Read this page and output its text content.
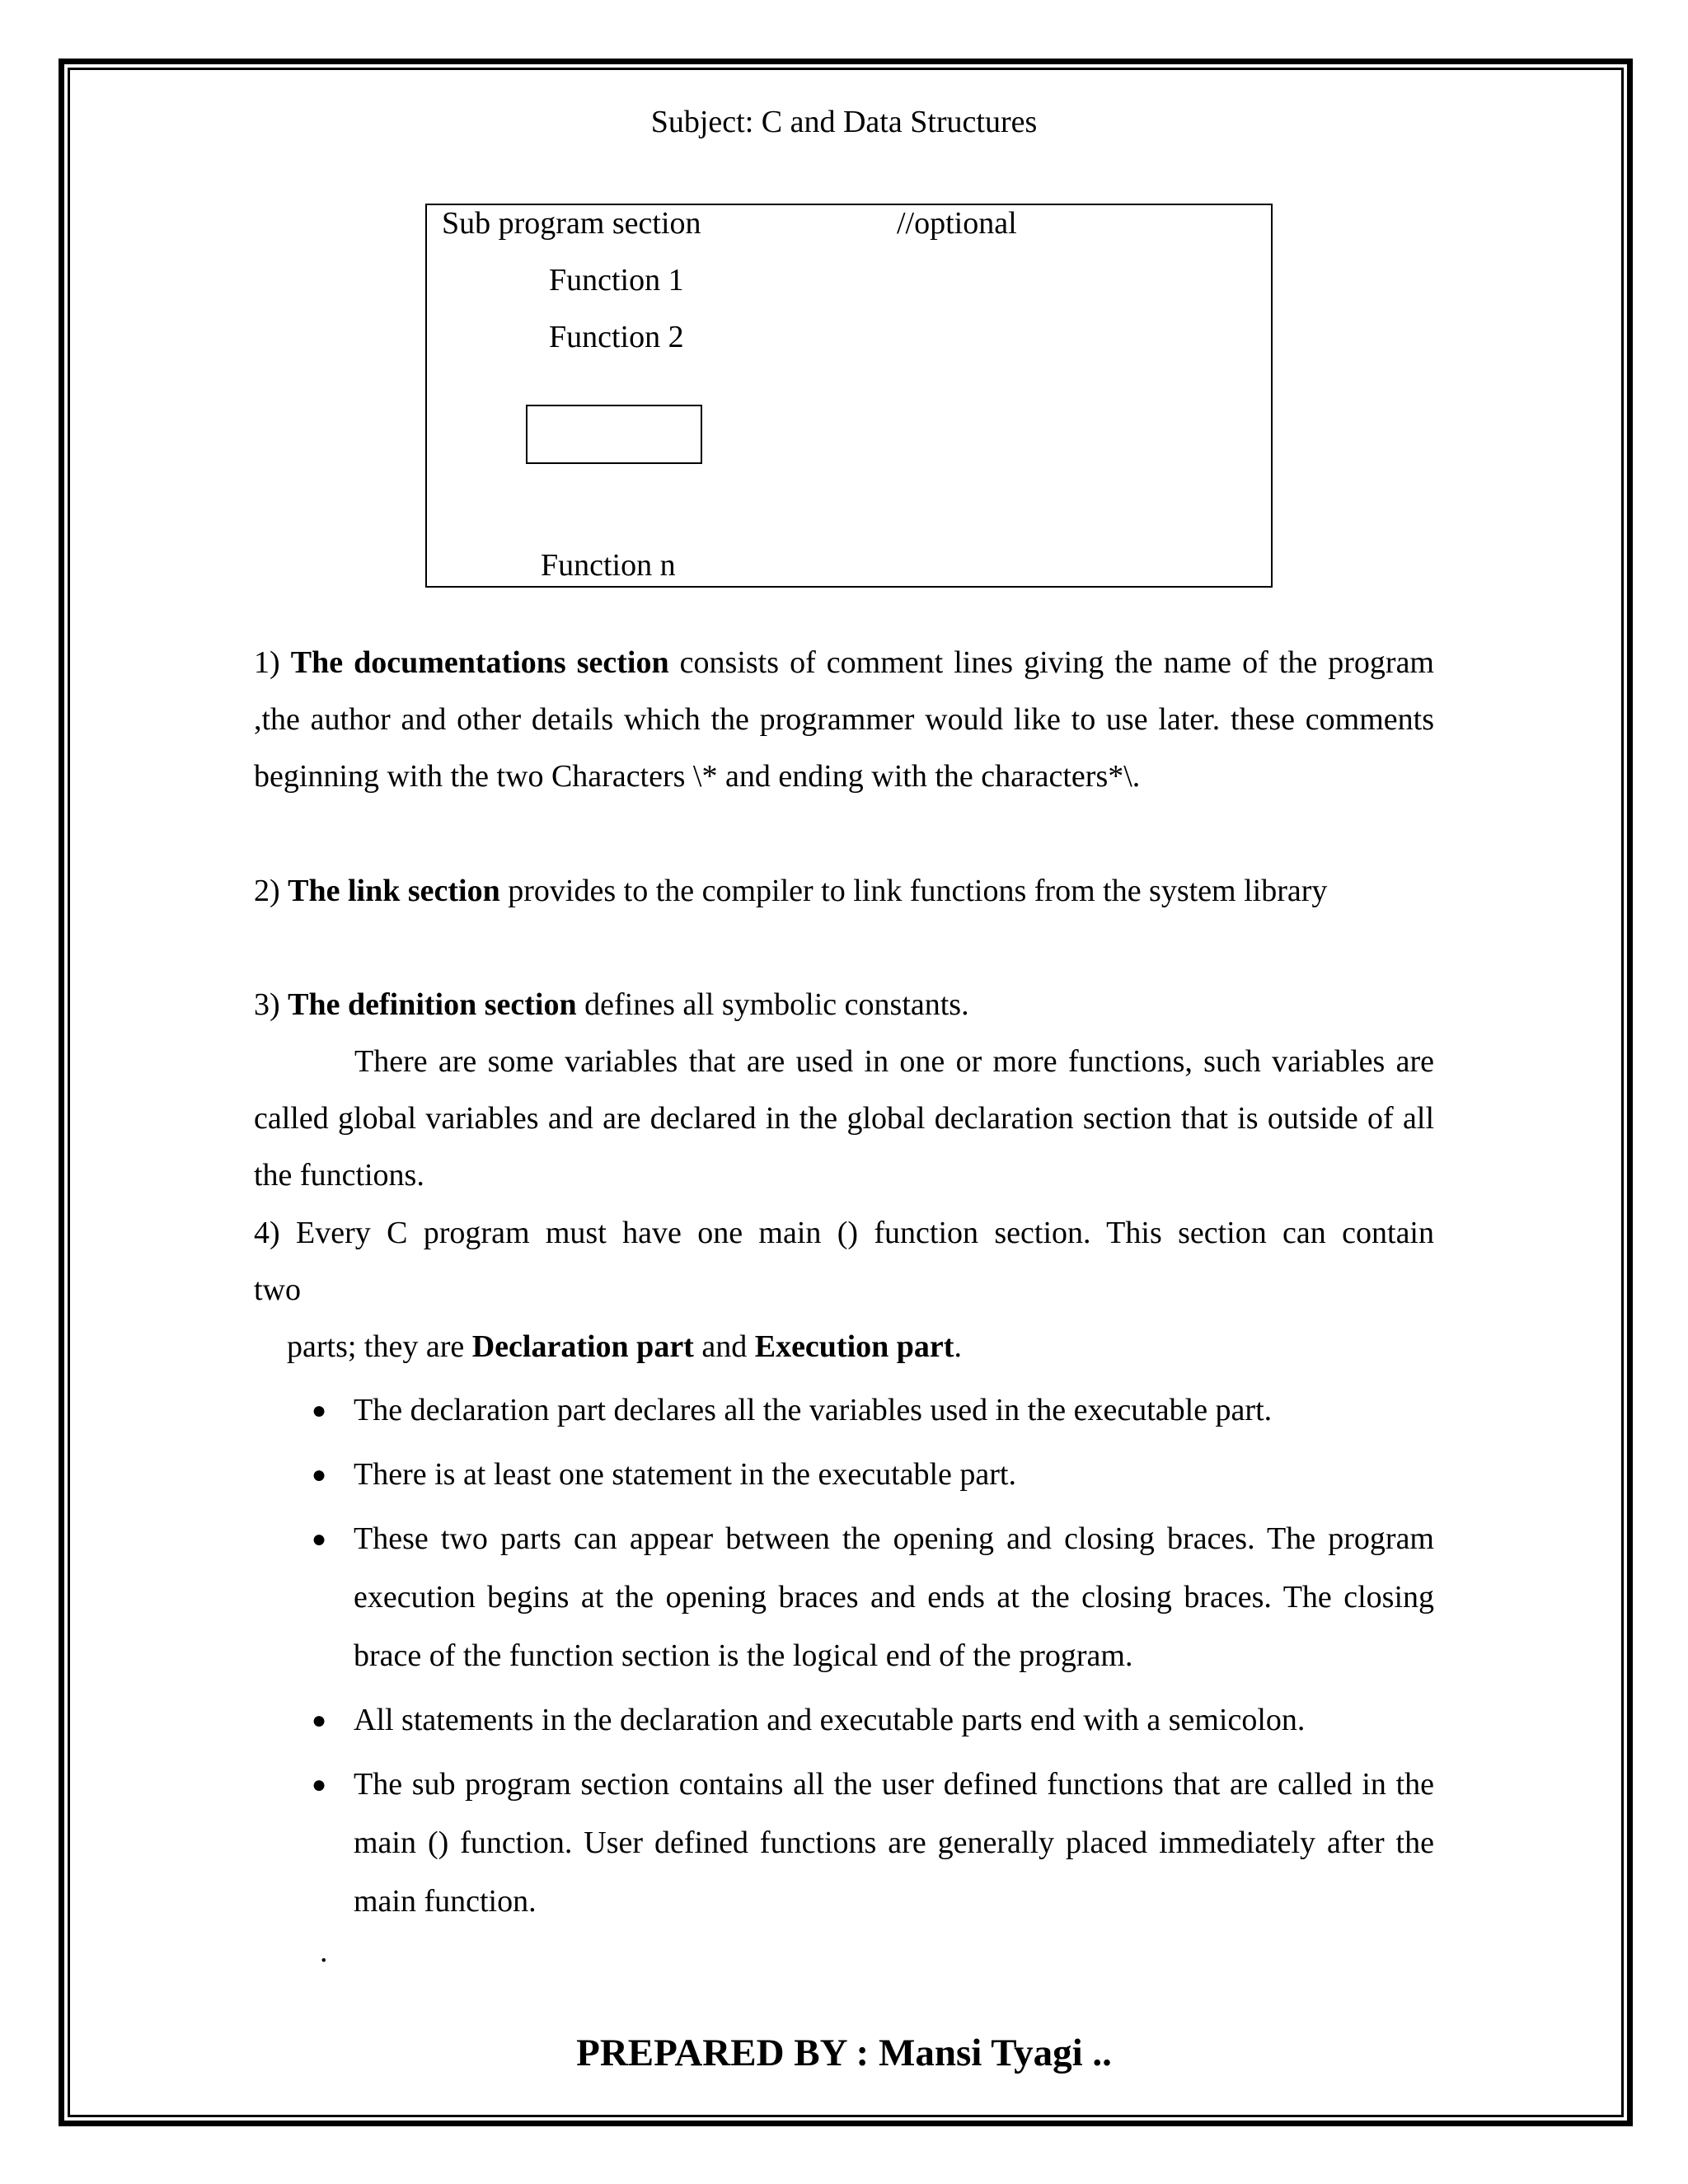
Subject: C and Data Structures
Sub program section	//optional
Function 1
Function 2
Function n

1) The documentations section consists of comment lines giving the name of the program ,the author and other details which the programmer would like to use later. these comments beginning with the two Characters \* and ending with the characters*\.

2) The link section provides to the compiler to link functions from the system library

3) The definition section defines all symbolic constants.

There are some variables that are used in one or more functions, such variables are called global variables and are declared in the global declaration section that is outside of all the functions.

4) Every C program must have one main () function section. This section can contain

two

parts; they are Declaration part and Execution part.

● The declaration part declares all the variables used in the executable part.
● There is at least one statement in the executable part.
● These two parts can appear between the opening and closing braces. The program execution begins at the opening braces and ends at the closing braces. The closing brace of the function section is the logical end of the program.
● All statements in the declaration and executable parts end with a semicolon.
● The sub program section contains all the user defined functions that are called in the main () function. User defined functions are generally placed immediately after the main function.
.
PREPARED BY : Mansi Tyagi ..
